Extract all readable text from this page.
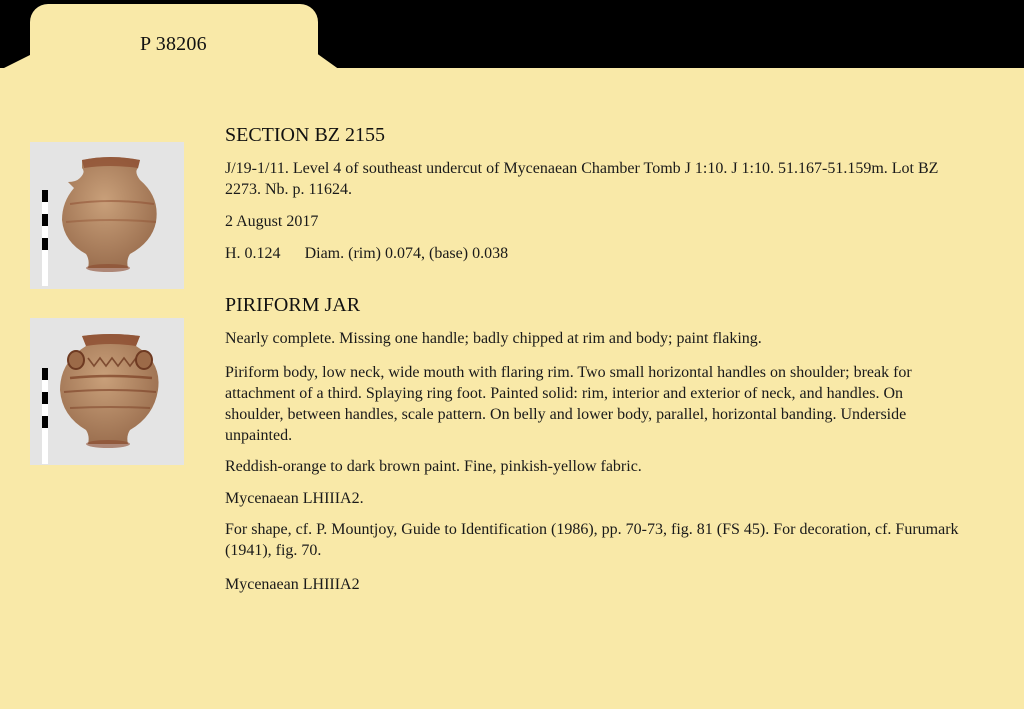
P 38206
SECTION BZ 2155
J/19-1/11. Level 4 of southeast undercut of Mycenaean Chamber Tomb J 1:10. J 1:10. 51.167-51.159m. Lot BZ 2273. Nb. p. 11624.
2 August 2017
H. 0.124 Diam. (rim) 0.074, (base) 0.038
PIRIFORM JAR
Nearly complete. Missing one handle; badly chipped at rim and body; paint flaking.
Piriform body, low neck, wide mouth with flaring rim. Two small horizontal handles on shoulder; break for attachment of a third. Splaying ring foot. Painted solid: rim, interior and exterior of neck, and handles. On shoulder, between handles, scale pattern. On belly and lower body, parallel, horizontal banding. Underside unpainted.
Reddish-orange to dark brown paint. Fine, pinkish-yellow fabric.
Mycenaean LHIIIA2.
For shape, cf. P. Mountjoy, Guide to Identification (1986), pp. 70-73, fig. 81 (FS 45). For decoration, cf. Furumark (1941), fig. 70.
Mycenaean LHIIIA2
